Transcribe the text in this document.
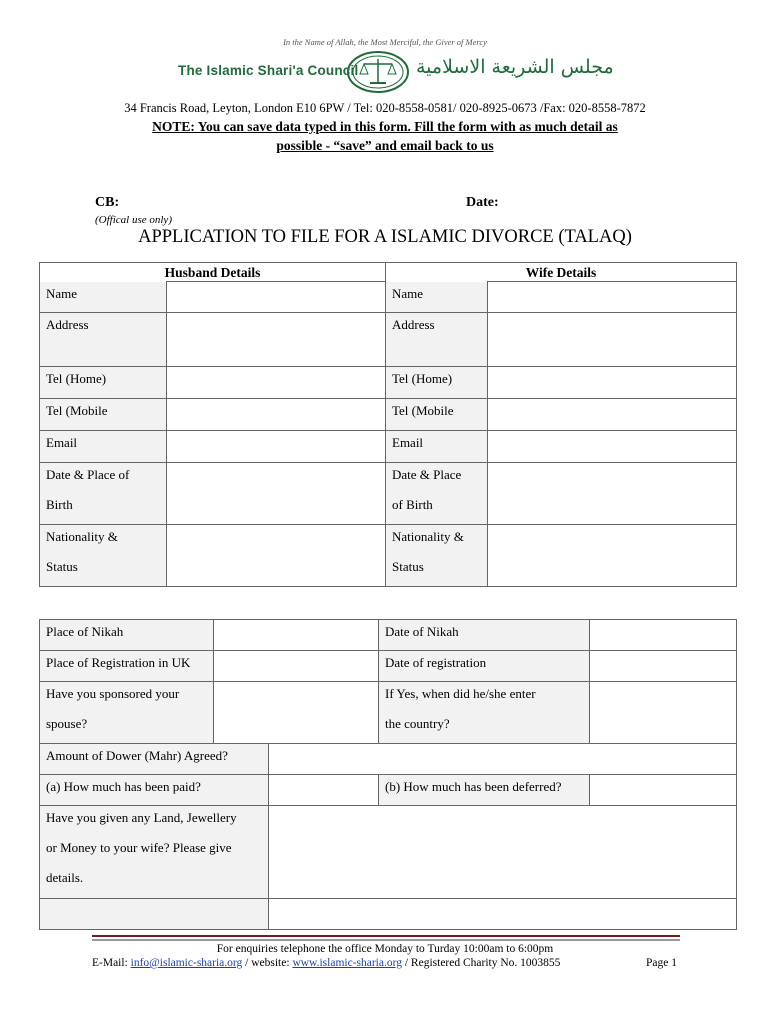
In the Name of Allah, the Most Merciful, the Giver of Mercy
The Islamic Shari'a Council	مجلس الشريعة الاسلامية
34 Francis Road, Leyton, London E10 6PW / Tel: 020-8558-0581/ 020-8925-0673 /Fax: 020-8558-7872
NOTE: You can save data typed in this form. Fill the form with as much detail as
possible - “save” and email back to us
CB:	Date:
(Offical use only)
APPLICATION TO FILE FOR A ISLAMIC DIVORCE (TALAQ)
Husband Details		Wife Details	

Name		Name	

Address		Address	

Tel (Home)		Tel (Home)	

Tel (Mobile		Tel (Mobile	

Email		Email	

Date & Place of
Birth		Date & Place
of Birth	

Nationality &
Status		Nationality &
Status	

Place of Nikah			Date of Nikah	

Place of Registration in UK			Date of registration	

Have you sponsored your
spouse?			If Yes, when did he/she enter
the country?	

Amount of Dower (Mahr) Agreed?				

(a) How much has been paid?			(b) How much has been deferred?	

Have you given any Land, Jewellery
or Money to your wife? Please give
details.				

For enquiries telephone the office Monday to Turday 10:00am to 6:00pm
E-Mail: info@islamic-sharia.org / website: www.islamic-sharia.org / Registered Charity No. 1003855	Page 1
